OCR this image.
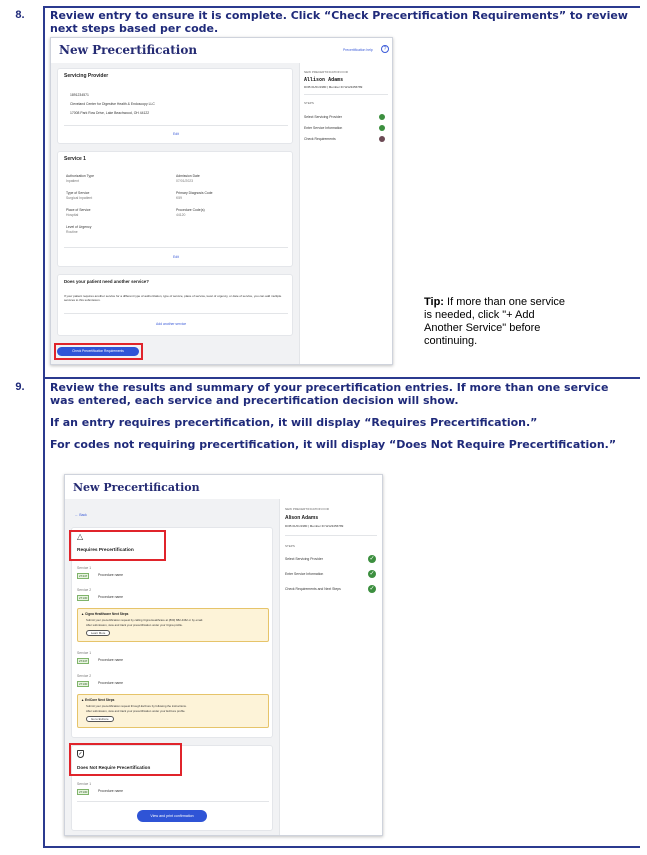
8.	Review entry to ensure it is complete. Click “Check Precertification Requirements” to review
next steps based per code.
New Precertification	Precertification help	?
Servicing Provider
1891234571
Cleveland Center for Digestive Health & Endoscopy LLC
17008 Park Row Drive, Lake Beachwood, OH 44122
Edit
Service 1
Authorization Type
Inpatient
Admission Date
07/01/2023
Type of Service
Surgical Inpatient
Primary Diagnosis Code
K59
Place of Service
Hospital
Procedure Code(s)
44120
Level of Urgency
Routine
Edit
Does your patient need another service?
If your patient requires another service for a different type of authorization, type of service, place of service, level of urgency, or date of service, you can add multiple services to this submission.
Add another service
Check Precertification Requirements
NEW PRECERTIFICATION FOR
Allison Adams
DOB 01/01/1980 | Member ID W123456789
STEPS
Select Servicing Provider
Enter Service Information
Check Requirements
Tip: If more than one service
is needed, click "+ Add
Another Service" before
continuing.
9.	Review the results and summary of your precertification entries. If more than one service
was entered, each service and precertification decision will show.
If an entry requires precertification, it will display “Requires Precertification.”
For codes not requiring precertification, it will display “Does Not Require Precertification.”
New Precertification
← Back
△
Requires Precertification
Service 1
27447	Procedure name
Service 2
27130	Procedure name
▲ Cigna Healthcare Next Steps
Submit your precertification request by calling Cigna Healthcare at (800) 882-4462 or by email.
After submission, view and track your precertification under your Cigna profile.
Learn More
Service 1
27447	Procedure name
Service 2
27130	Procedure name
▲ EviCore Next Steps
Submit your precertification request through EviCore by following the instructions.
After submission, view and track your precertification under your EviCore profile.
Go to EviCore
✓
Does Not Require Precertification
Service 1
27130	Procedure name
View and print confirmation
NEW PRECERTIFICATION FOR
Alison Adams
DOB 01/01/1980 | Member ID W123456789
STEPS
Select Servicing Provider	✓
Enter Service Information	✓
Check Requirements and Next Steps	✓
